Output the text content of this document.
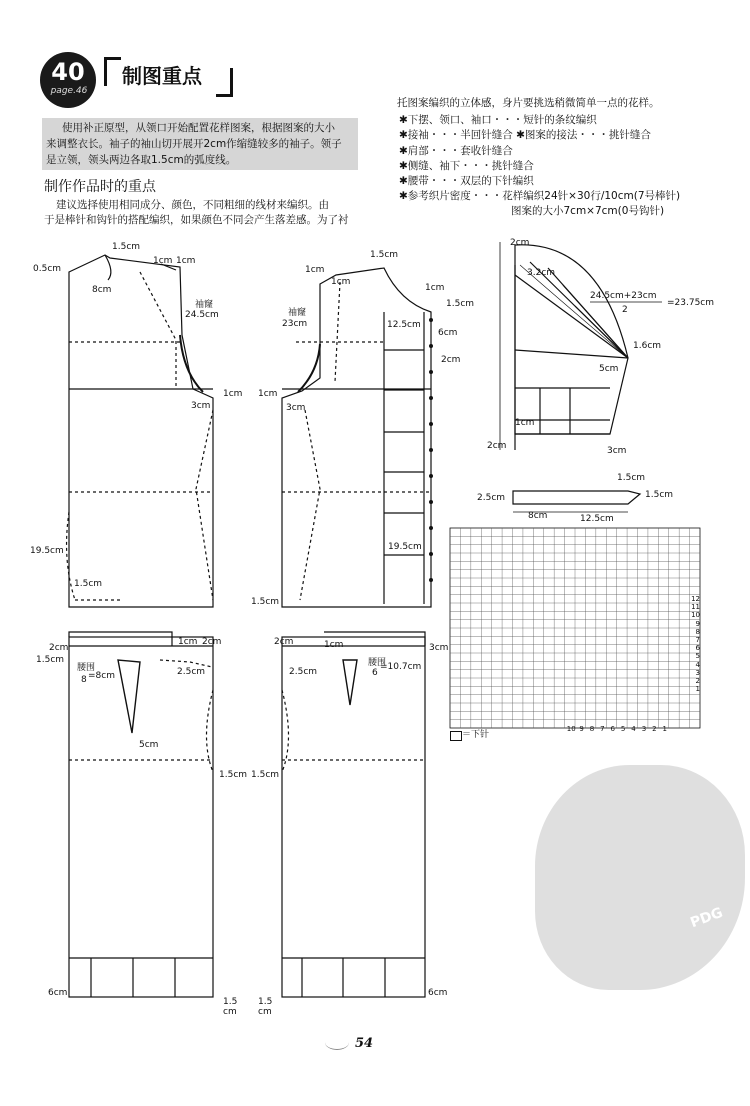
40
page.46
制图重点
使用补正原型，从领口开始配置花样图案，根据图案的大小
来调整衣长。袖子的袖山切开展开2cm作缩缝较多的袖子。领子
是立领，领头两边各取1.5cm的弧度线。
制作作品时的重点
建议选择使用相同成分、颜色，不同粗细的线材来编织。由
于是棒针和钩针的搭配编织，如果颜色不同会产生落差感。为了衬
托图案编织的立体感，身片要挑选稍微简单一点的花样。
✱下摆、领口、袖口・・・短针的条纹编织
✱接袖・・・半回针缝合 ✱图案的接法・・・挑针缝合
✱肩部・・・套收针缝合
✱侧缝、袖下・・・挑针缝合
✱腰带・・・双层的下针编织
✱参考织片密度・・・花样编织24针×30行/10cm(7号棒针)
图案的大小7cm×7cm(0号钩针)
0.5cm
1.5cm
1cm 1cm
8cm
袖窿
24.5cm
1cm
3cm
19.5cm
1.5cm
1cm
1.5cm
1cm
袖窿
23cm
1cm
1.5cm
12.5cm
6cm
2cm
1cm
3cm
19.5cm
1.5cm
2cm
3.2cm
24.5cm+23cm
2
=23.75cm
1.6cm
5cm
1cm
2cm	3cm
1.5cm
2.5cm	1.5cm
8cm	12.5cm
2cm
1.5cm
1cm 2cm
腰围
8 =8cm	2.5cm
5cm
1.5cm
6cm
1.5
cm
2cm	1cm	3cm
腰围
6
=10.7cm
2.5cm
1.5cm
6cm
1.5
cm
12
11
10
9
8
7
6
5
4
3
2
1
10 9 8 7 6 5 4 3 2 1
＝下针
PDG
54
